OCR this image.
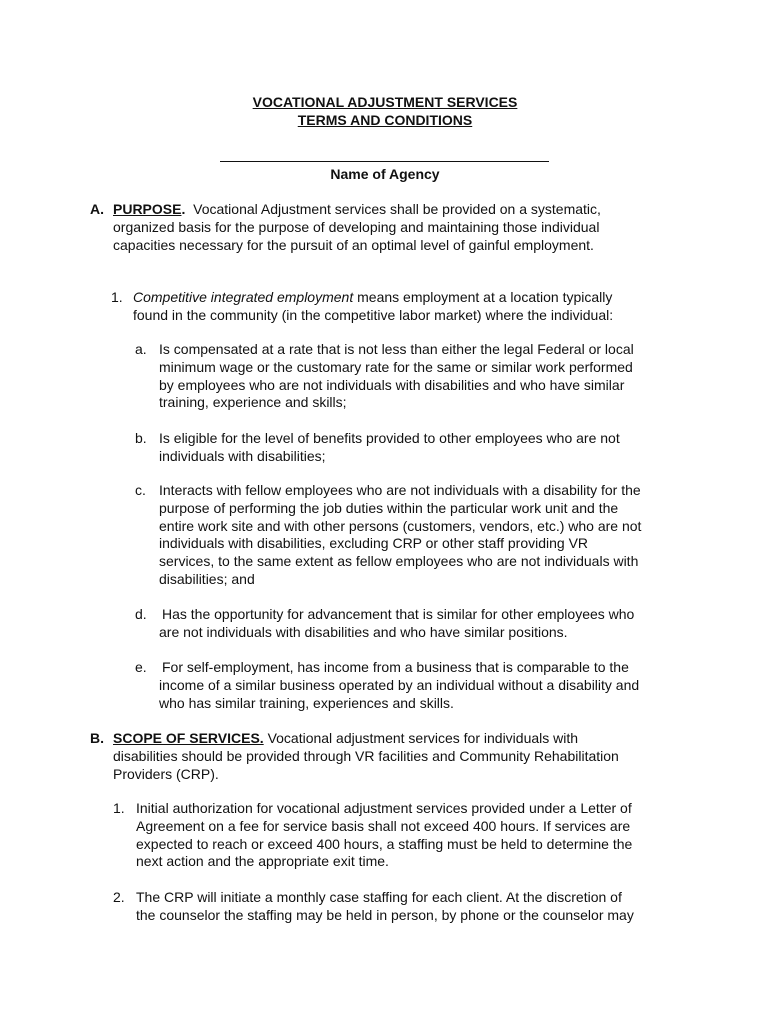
VOCATIONAL ADJUSTMENT SERVICES
TERMS AND CONDITIONS
Name of Agency
A. PURPOSE. Vocational Adjustment services shall be provided on a systematic,
organized basis for the purpose of developing and maintaining those individual
capacities necessary for the pursuit of an optimal level of gainful employment.
1. Competitive integrated employment means employment at a location typically
found in the community (in the competitive labor market) where the individual:
a. Is compensated at a rate that is not less than either the legal Federal or local
minimum wage or the customary rate for the same or similar work performed
by employees who are not individuals with disabilities and who have similar
training, experience and skills;
b. Is eligible for the level of benefits provided to other employees who are not
individuals with disabilities;
c. Interacts with fellow employees who are not individuals with a disability for the
purpose of performing the job duties within the particular work unit and the
entire work site and with other persons (customers, vendors, etc.) who are not
individuals with disabilities, excluding CRP or other staff providing VR
services, to the same extent as fellow employees who are not individuals with
disabilities; and
d. Has the opportunity for advancement that is similar for other employees who
are not individuals with disabilities and who have similar positions.
e. For self-employment, has income from a business that is comparable to the
income of a similar business operated by an individual without a disability and
who has similar training, experiences and skills.
B. SCOPE OF SERVICES. Vocational adjustment services for individuals with
disabilities should be provided through VR facilities and Community Rehabilitation
Providers (CRP).
1. Initial authorization for vocational adjustment services provided under a Letter of
Agreement on a fee for service basis shall not exceed 400 hours. If services are
expected to reach or exceed 400 hours, a staffing must be held to determine the
next action and the appropriate exit time.
2. The CRP will initiate a monthly case staffing for each client. At the discretion of
the counselor the staffing may be held in person, by phone or the counselor may
